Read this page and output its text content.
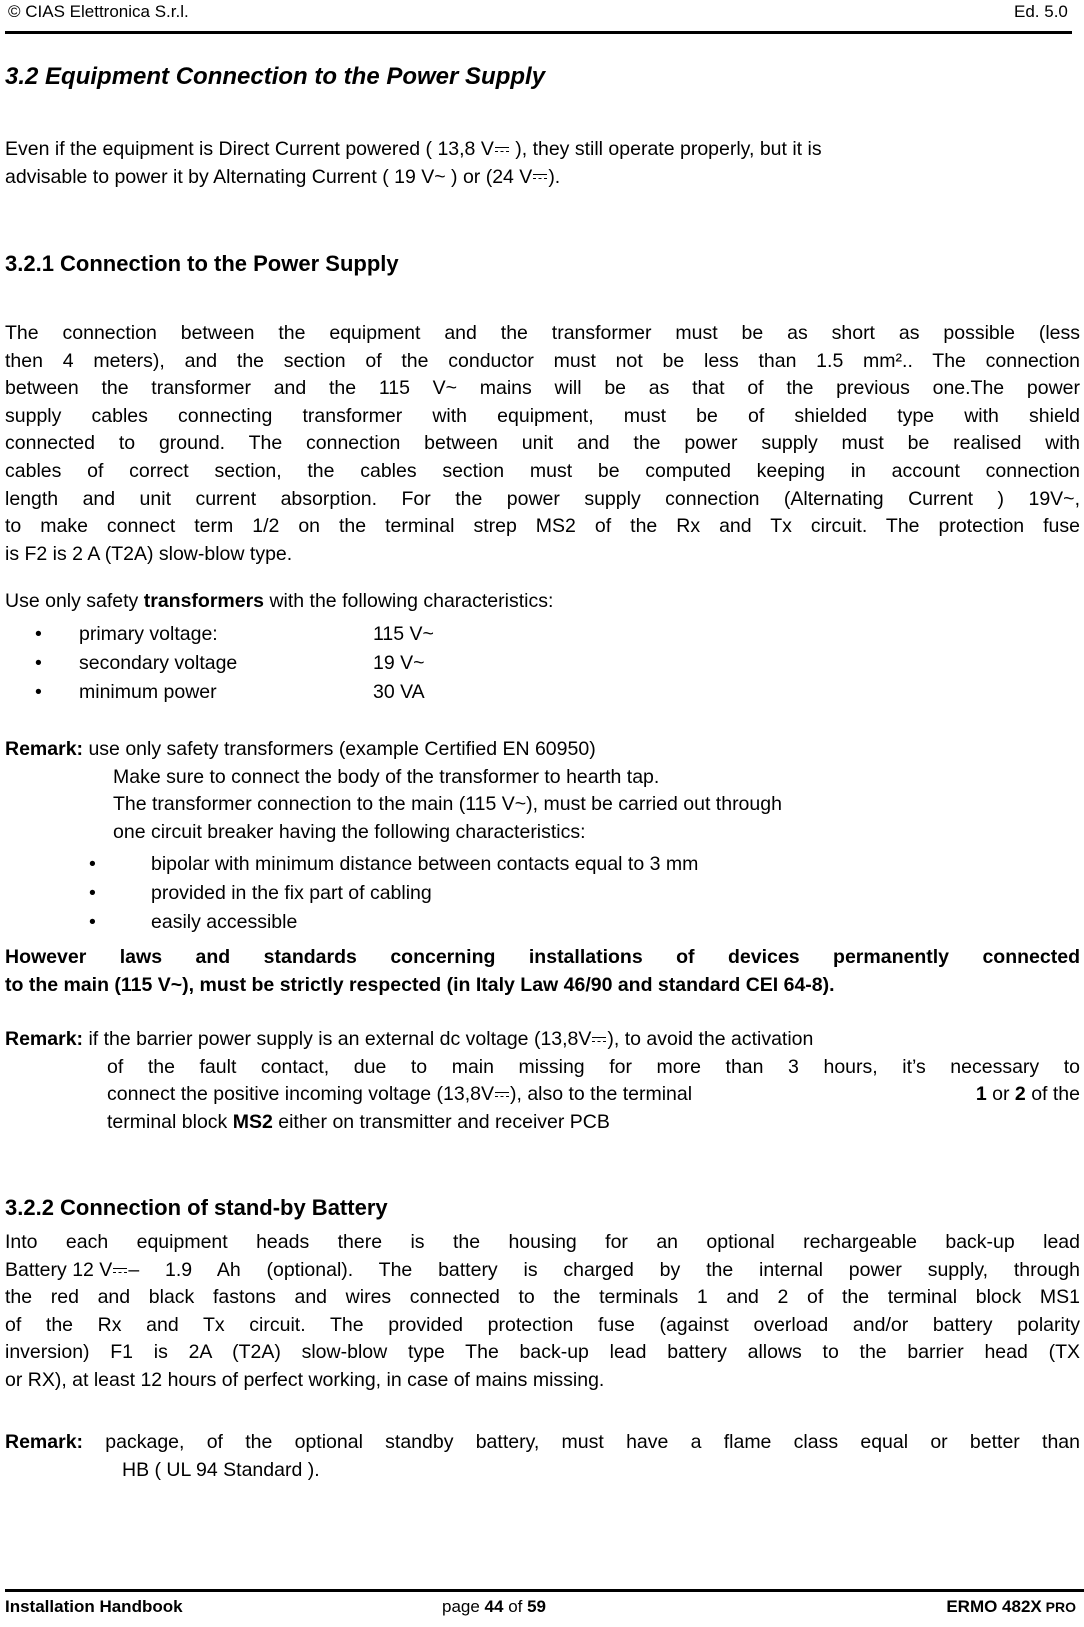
© CIAS Elettronica S.r.l.	Ed. 5.0
3.2 Equipment Connection to the Power Supply
Even if the equipment is Direct Current powered ( 13,8 V ), they still operate properly, but it is
advisable to power it by Alternating Current ( 19 V~ ) or (24 V ).
3.2.1 Connection to the Power Supply
The connection between the equipment and the transformer must be as short as possible (less
then 4 meters), and the section of the conductor must not be less than 1.5 mm².. The connection
between the transformer and the 115 V~ mains will be as that of the previous one.The power
supply cables connecting transformer with equipment, must be of shielded type with shield
connected to ground. The connection between unit and the power supply must be realised with
cables of correct section, the cables section must be computed keeping in account connection
length and unit current absorption. For the power supply connection (Alternating Current ) 19V~,
to make connect term 1/2 on the terminal strep MS2 of the Rx and Tx circuit. The protection fuse
is F2 is 2 A (T2A) slow-blow type.
Use only safety transformers with the following characteristics:
• primary voltage:	115 V~
• secondary voltage	19 V~
• minimum power	30 VA
Remark: use only safety transformers (example Certified EN 60950)
Make sure to connect the body of the transformer to hearth tap.
The transformer connection to the main (115 V~), must be carried out through
one circuit breaker having the following characteristics:
•	bipolar with minimum distance between contacts equal to 3 mm
•	provided in the fix part of cabling
•	easily accessible
However laws and standards concerning installations of devices permanently connected
to the main (115 V~), must be strictly respected (in Italy Law 46/90 and standard CEI 64-8).
Remark: if the barrier power supply is an external dc voltage (13,8V ), to avoid the activation
of the fault contact, due to main missing for more than 3 hours, it’s necessary to
connect the positive incoming voltage (13,8V ), also to the terminal	1 or 2 of the
terminal block MS2 either on transmitter and receiver PCB
3.2.2 Connection of stand-by Battery
Into each equipment heads there is the housing for an optional rechargeable back-up lead
Battery 12 V – 1.9 Ah (optional). The battery is charged by the internal power supply, through
the red and black fastons and wires connected to the terminals 1 and 2 of the terminal block MS1
of the Rx and Tx circuit. The provided protection fuse (against overload and/or battery polarity
inversion) F1 is 2A (T2A) slow-blow type The back-up lead battery allows to the barrier head (TX
or RX), at least 12 hours of perfect working, in case of mains missing.
Remark: package, of the optional standby battery, must have a flame class equal or better than
HB ( UL 94 Standard ).
Installation Handbook	page 44 of 59	ERMO 482X PRO
